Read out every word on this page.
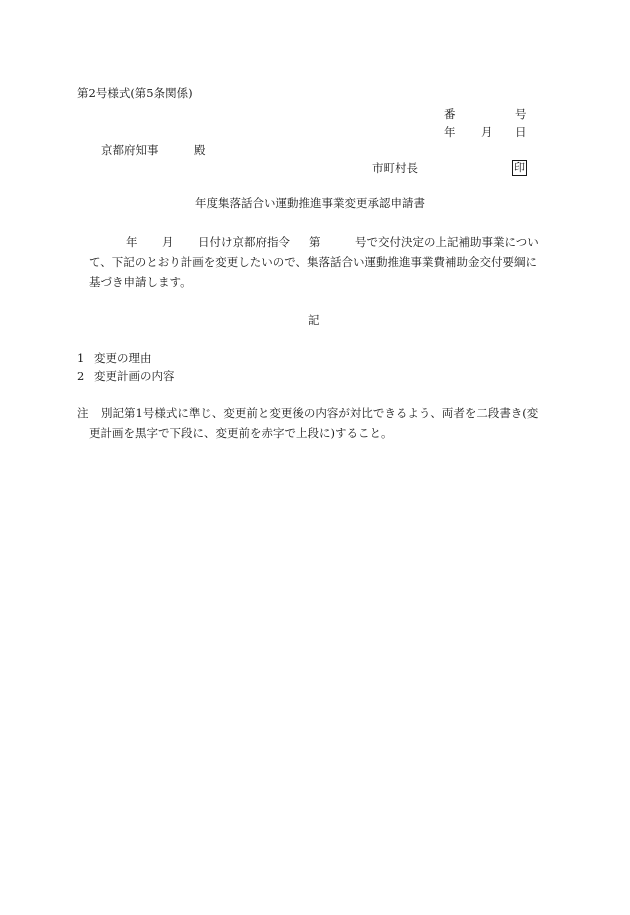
第2号様式(第5条関係)
番	号
年 月 日
京都府知事	殿
市町村長	印
年度集落話合い運動推進事業変更承認申請書
年 月 日付け京都府指令 第	号で交付決定の上記補助事業につい
て、下記のとおり計画を変更したいので、集落話合い運動推進事業費補助金交付要綱に
基づき申請します。
記
1 変更の理由
2 変更計画の内容
注 別記第1号様式に準じ、変更前と変更後の内容が対比できるよう、両者を二段書き(変
更計画を黒字で下段に、変更前を赤字で上段に)すること。
